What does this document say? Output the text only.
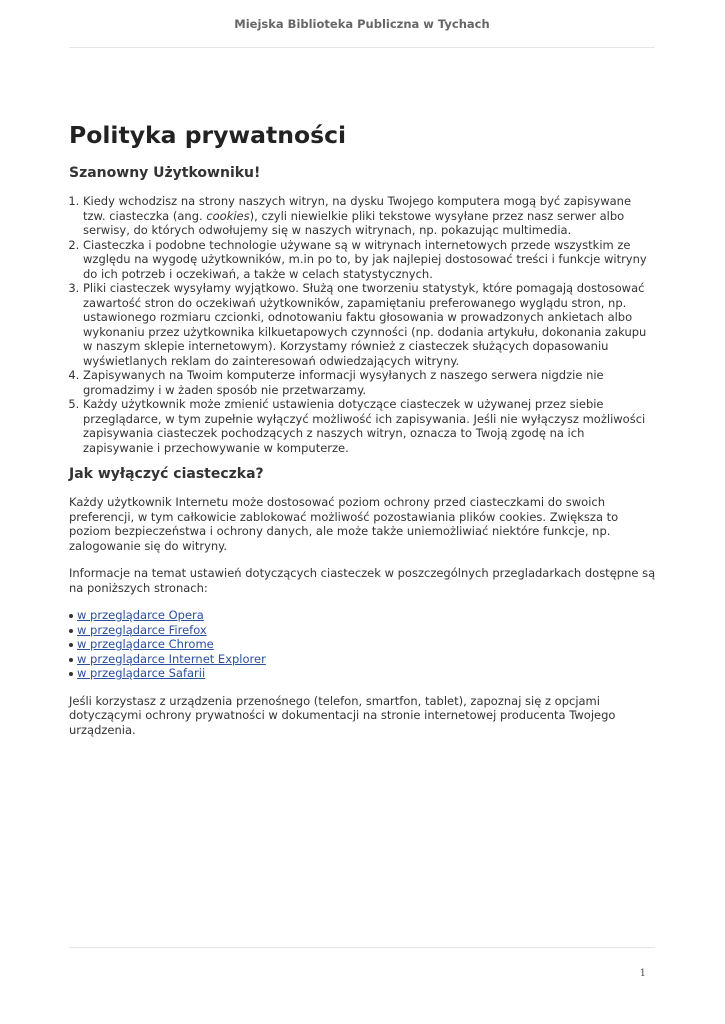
Miejska Biblioteka Publiczna w Tychach
Polityka prywatności
Szanowny Użytkowniku!
1. Kiedy wchodzisz na strony naszych witryn, na dysku Twojego komputera mogą być zapisywane tzw. ciasteczka (ang. cookies), czyli niewielkie pliki tekstowe wysyłane przez nasz serwer albo serwisy, do których odwołujemy się w naszych witrynach, np. pokazując multimedia.
2. Ciasteczka i podobne technologie używane są w witrynach internetowych przede wszystkim ze względu na wygodę użytkowników, m.in po to, by jak najlepiej dostosować treści i funkcje witryny do ich potrzeb i oczekiwań, a także w celach statystycznych.
3. Pliki ciasteczek wysyłamy wyjątkowo. Służą one tworzeniu statystyk, które pomagają dostosować zawartość stron do oczekiwań użytkowników, zapamiętaniu preferowanego wyglądu stron, np. ustawionego rozmiaru czcionki, odnotowaniu faktu głosowania w prowadzonych ankietach albo wykonaniu przez użytkownika kilkuetapowych czynności (np. dodania artykułu, dokonania zakupu w naszym sklepie internetowym). Korzystamy również z ciasteczek służących dopasowaniu wyświetlanych reklam do zainteresowań odwiedzających witryny.
4. Zapisywanych na Twoim komputerze informacji wysyłanych z naszego serwera nigdzie nie gromadzimy i w żaden sposób nie przetwarzamy.
5. Każdy użytkownik może zmienić ustawienia dotyczące ciasteczek w używanej przez siebie przeglądarce, w tym zupełnie wyłączyć możliwość ich zapisywania. Jeśli nie wyłączysz możliwości zapisywania ciasteczek pochodzących z naszych witryn, oznacza to Twoją zgodę na ich zapisywanie i przechowywanie w komputerze.
Jak wyłączyć ciasteczka?

Każdy użytkownik Internetu może dostosować poziom ochrony przed ciasteczkami do swoich preferencji, w tym całkowicie zablokować możliwość pozostawiania plików cookies. Zwiększa to poziom bezpieczeństwa i ochrony danych, ale może także uniemożliwiać niektóre funkcje, np. zalogowanie się do witryny.

Informacje na temat ustawień dotyczących ciasteczek w poszczególnych przegladarkach dostępne są na poniższych stronach:

w przeglądarce Opera
w przeglądarce Firefox
w przeglądarce Chrome
w przeglądarce Internet Explorer
w przeglądarce Safarii

Jeśli korzystasz z urządzenia przenośnego (telefon, smartfon, tablet), zapoznaj się z opcjami dotyczącymi ochrony prywatności w dokumentacji na stronie internetowej producenta Twojego urządzenia.

1
